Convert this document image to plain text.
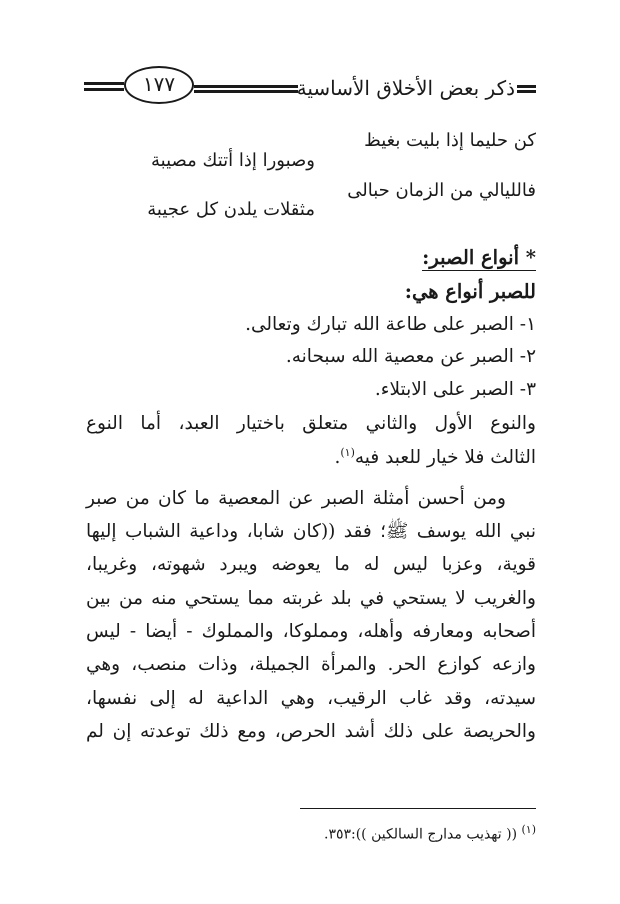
١٧٧	ذكر بعض الأخلاق الأساسية
كن حليما إذا بليت بغيظ
وصبورا إذا أتتك مصيبة
فالليالي من الزمان حبالى
مثقلات يلدن كل عجيبة
* أنواع الصبر:
للصبر أنواع هي:
١- الصبر على طاعة الله تبارك وتعالى.
٢- الصبر عن معصية الله سبحانه.
٣- الصبر على الابتلاء.
والنوع الأول والثاني متعلق باختيار العبد، أما النوع
الثالث فلا خيار للعبد فيه$^{(١)}$.
ومن أحسن أمثلة الصبر عن المعصية ما كان من صبر
نبي الله يوسف ﷺ؛ فقد ((كان شابا، وداعية الشباب إليها
قوية، وعزبا ليس له ما يعوضه ويبرد شهوته، وغريبا،
والغريب لا يستحي في بلد غربته مما يستحي منه من بين
أصحابه ومعارفه وأهله، ومملوكا، والمملوك - أيضا - ليس
وازعه كوازع الحر. والمرأة الجميلة، وذات منصب، وهي
سيدته، وقد غاب الرقيب، وهي الداعية له إلى نفسها،
والحريصة على ذلك أشد الحرص، ومع ذلك توعدته إن لم
$^{(١)}$ (( تهذيب مدارج السالكين )):٣٥٣.
